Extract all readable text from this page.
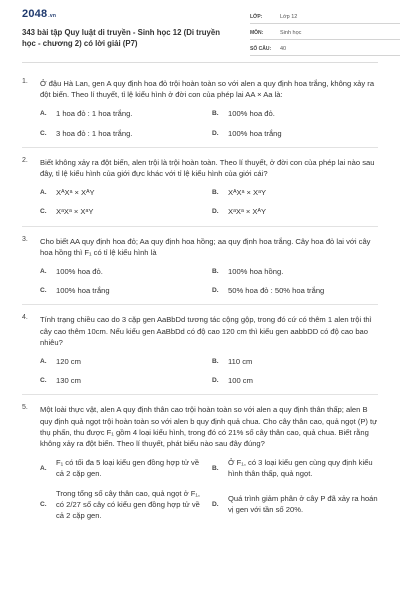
2048.vn
343 bài tập Quy luật di truyền - Sinh học 12 (Di truyền học - chương 2) có lời giải (P7)
LỚP:	Lớp 12
MÔN:	Sinh học
SỐ CÂU:	40
1. Ở đậu Hà Lan, gen A quy định hoa đỏ trội hoàn toàn so với alen a quy định hoa trắng, không xảy ra đột biến. Theo lí thuyết, tỉ lệ kiểu hình ở đời con của phép lai AA × Aa là:
A.	1 hoa đỏ : 1 hoa trắng.	B.	100% hoa đỏ.
C.	3 hoa đỏ : 1 hoa trắng.	D.	100% hoa trắng
2. Biết không xảy ra đột biến, alen trội là trội hoàn toàn. Theo lí thuyết, ở đời con của phép lai nào sau đây, tỉ lệ kiểu hình của giới đực khác với tỉ lệ kiểu hình của giới cái?
A.	XᴬXᵃ × XᴬY	B.	XᴬXᵃ × XᵃY
C.	XᵃXᵃ × XᵃY	D.	XᵃXᵃ × XᴬY
3. Cho biết AA quy định hoa đỏ; Aa quy định hoa hồng; aa quy định hoa trắng. Cây hoa đỏ lai với cây hoa hồng thì F₁ có tỉ lệ kiểu hình là
A.	100% hoa đỏ.	B.	100% hoa hồng.
C.	100% hoa trắng	D.	50% hoa đỏ : 50% hoa trắng
4. Tính trạng chiều cao do 3 cặp gen AaBbDd tương tác cộng gộp, trong đó cứ có thêm 1 alen trội thì cây cao thêm 10cm. Nếu kiểu gen AaBbDd có độ cao 120 cm thì kiểu gen aabbDD có độ cao bao nhiêu?
A.	120 cm	B.	110 cm
C.	130 cm	D.	100 cm
5. Một loài thực vật, alen A quy định thân cao trội hoàn toàn so với alen a quy định thân thấp; alen B quy định quả ngọt trội hoàn toàn so với alen b quy định quả chua. Cho cây thân cao, quả ngọt (P) tự thụ phấn, thu được F₁ gồm 4 loại kiểu hình, trong đó có 21% số cây thân cao, quả chua. Biết rằng không xảy ra đột biến. Theo lí thuyết, phát biểu nào sau đây đúng?
A.
F₁ có tối đa 5 loại kiểu gen đồng hợp tử về cả 2 cặp gen.
B.
Ở F₁, có 3 loại kiểu gen cùng quy định kiểu hình thân thấp, quả ngọt.
C.
Trong tổng số cây thân cao, quả ngọt ở F₁, có 2/27 số cây có kiểu gen đồng hợp tử về cả 2 cặp gen.
D.
Quá trình giảm phân ở cây P đã xảy ra hoán vị gen với tần số 20%.
